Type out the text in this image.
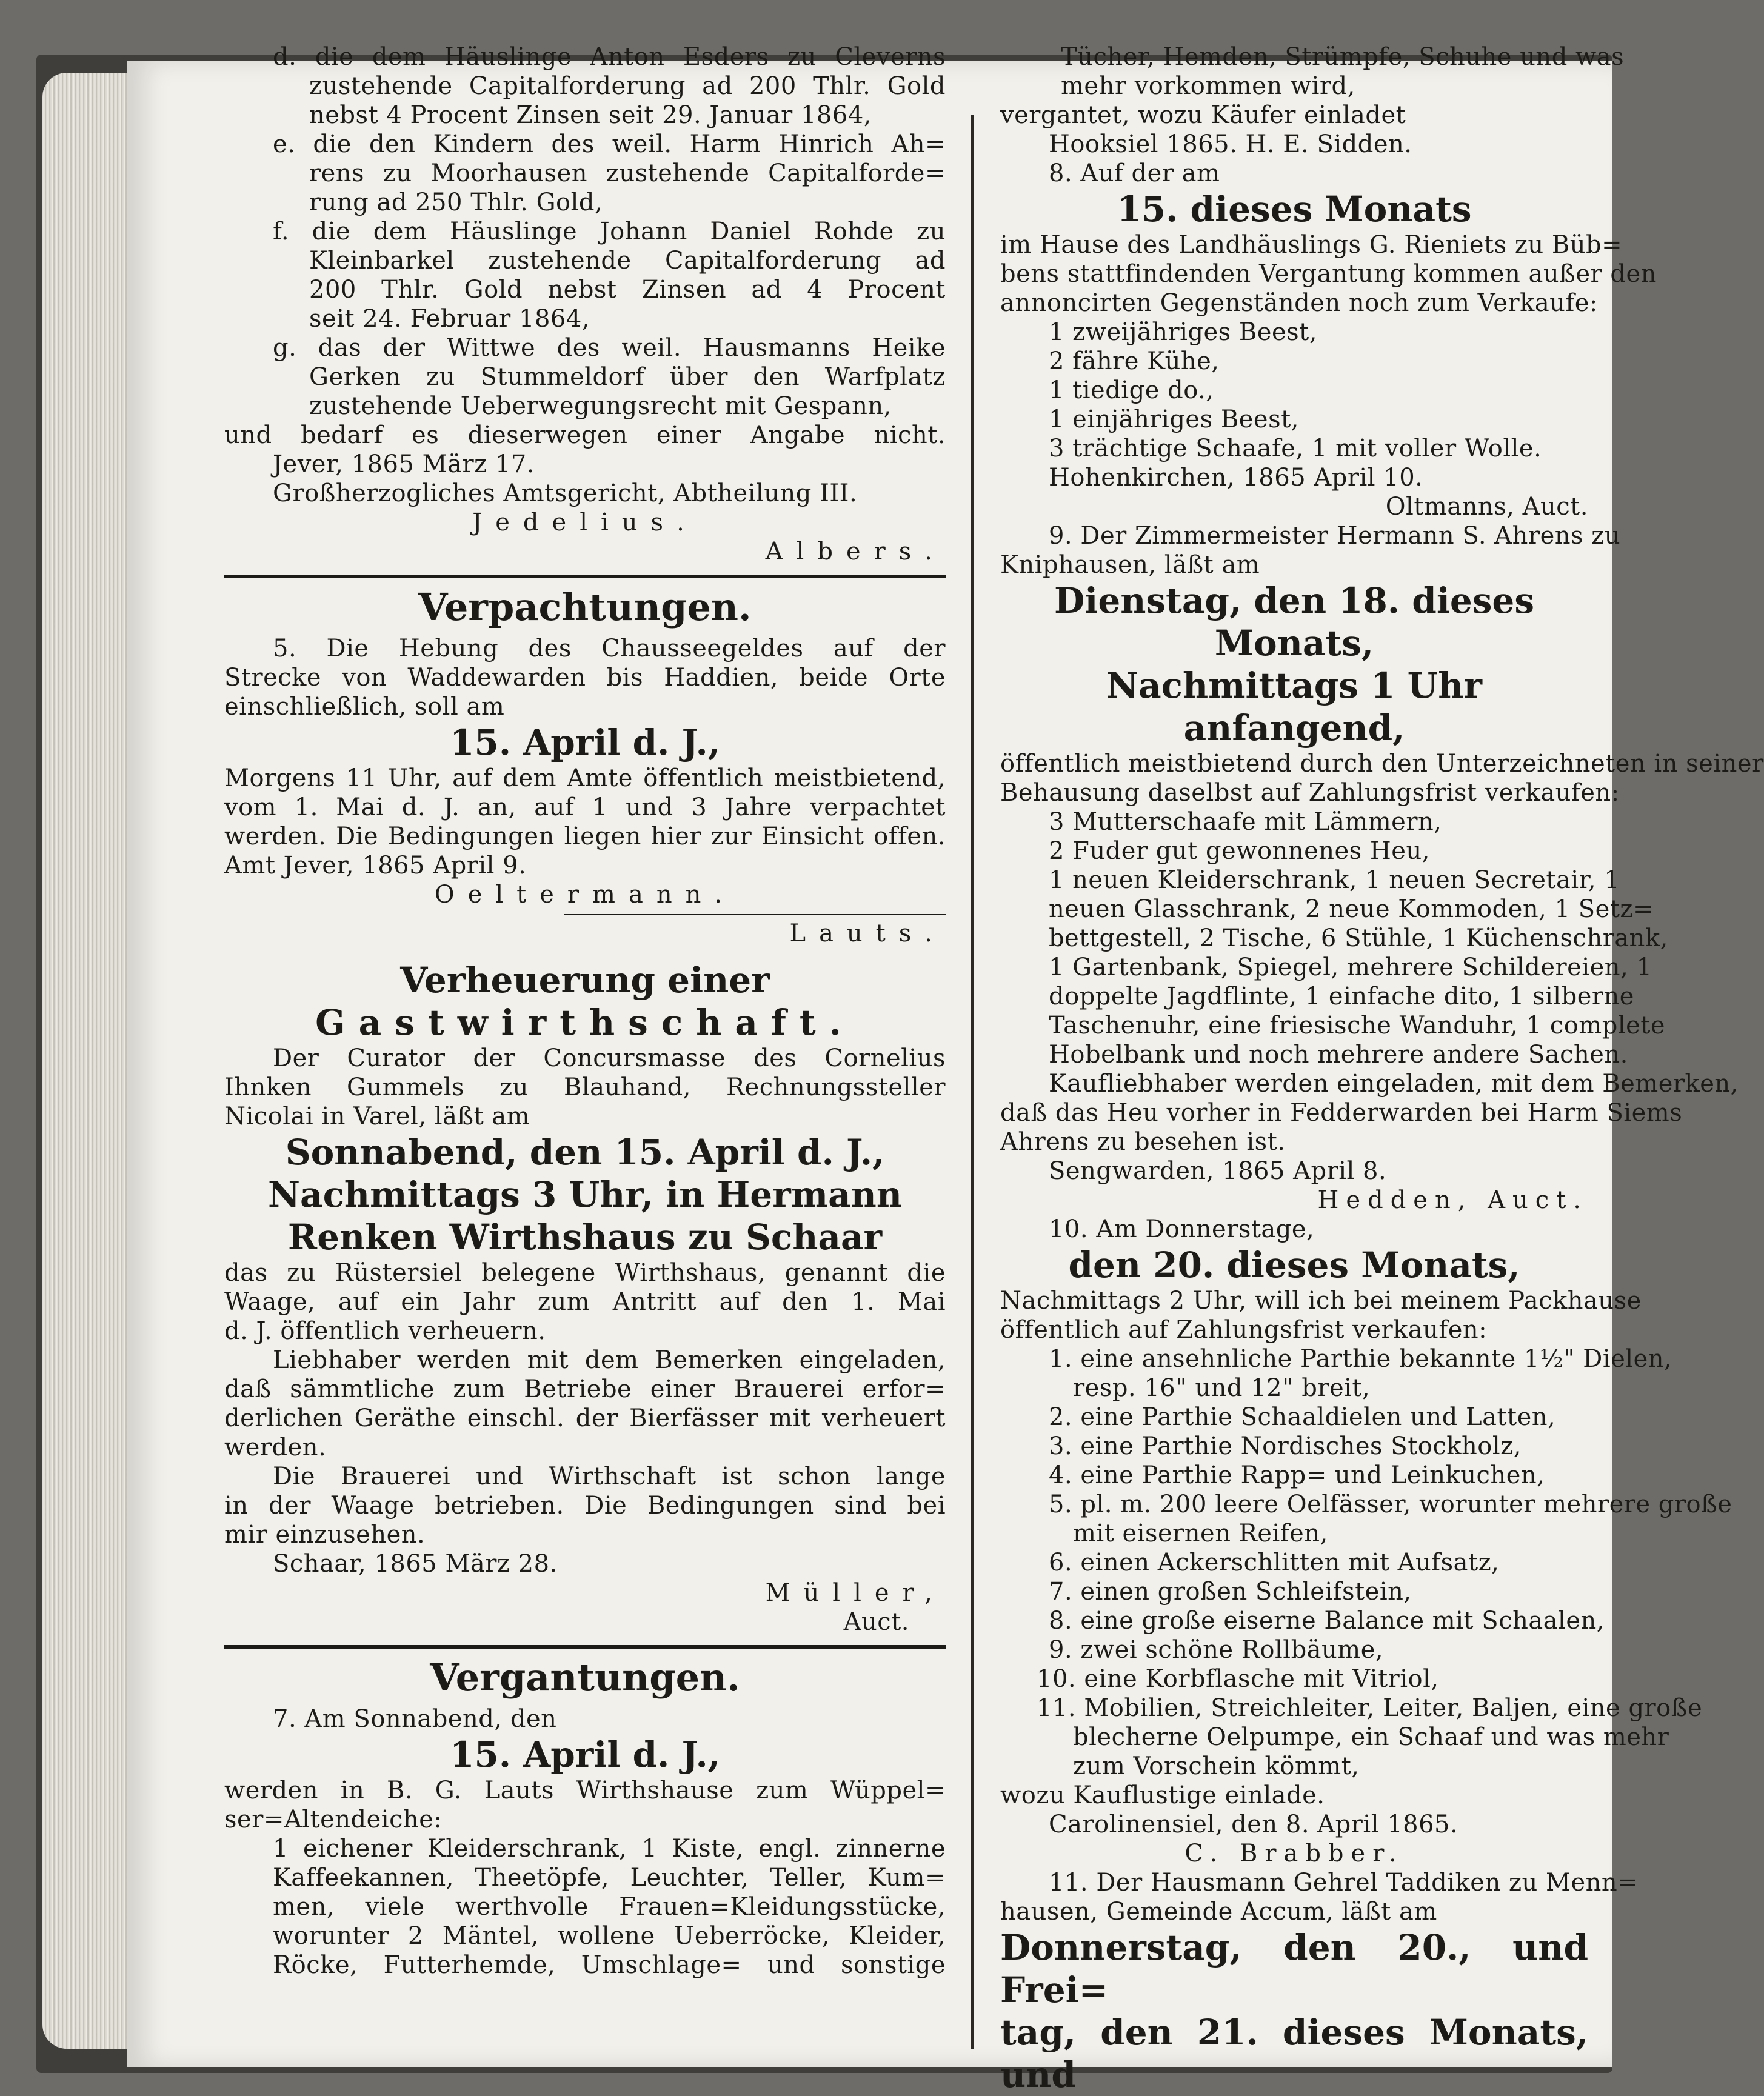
d. die dem Häuslinge Anton Esders zu Cleverns
zustehende Capitalforderung ad 200 Thlr. Gold
nebst 4 Procent Zinsen seit 29. Januar 1864,
e. die den Kindern des weil. Harm Hinrich Ah=
rens zu Moorhausen zustehende Capitalforde=
rung ad 250 Thlr. Gold,
f. die dem Häuslinge Johann Daniel Rohde zu
Kleinbarkel zustehende Capitalforderung ad
200 Thlr. Gold nebst Zinsen ad 4 Procent
seit 24. Februar 1864,
g. das der Wittwe des weil. Hausmanns Heike
Gerken zu Stummeldorf über den Warfplatz
zustehende Ueberwegungsrecht mit Gespann,
und bedarf es dieserwegen einer Angabe nicht.
Jever, 1865 März 17.
Großherzogliches Amtsgericht, Abtheilung III.
Jedelius.
Albers.
Verpachtungen.
5. Die Hebung des Chausseegeldes auf der
Strecke von Waddewarden bis Haddien, beide Orte
einschließlich, soll am
15. April d. J.,
Morgens 11 Uhr, auf dem Amte öffentlich meistbietend,
vom 1. Mai d. J. an, auf 1 und 3 Jahre verpachtet
werden. Die Bedingungen liegen hier zur Einsicht offen.
Amt Jever, 1865 April 9.
Oeltermann.
Lauts.
Verheuerung einer
Gastwirthschaft.
Der Curator der Concursmasse des Cornelius
Ihnken Gummels zu Blauhand, Rechnungssteller
Nicolai in Varel, läßt am
Sonnabend, den 15. April d. J.,
Nachmittags 3 Uhr, in Hermann
Renken Wirthshaus zu Schaar
das zu Rüstersiel belegene Wirthshaus, genannt die
Waage, auf ein Jahr zum Antritt auf den 1. Mai
d. J. öffentlich verheuern.
Liebhaber werden mit dem Bemerken eingeladen,
daß sämmtliche zum Betriebe einer Brauerei erfor=
derlichen Geräthe einschl. der Bierfässer mit verheuert
werden.
Die Brauerei und Wirthschaft ist schon lange
in der Waage betrieben. Die Bedingungen sind bei
mir einzusehen.
Schaar, 1865 März 28.
Müller,
Auct.
Vergantungen.
7. Am Sonnabend, den
15. April d. J.,
werden in B. G. Lauts Wirthshause zum Wüppel=
ser=Altendeiche:
1 eichener Kleiderschrank, 1 Kiste, engl. zinnerne
Kaffeekannen, Theetöpfe, Leuchter, Teller, Kum=
men, viele werthvolle Frauen=Kleidungsstücke,
worunter 2 Mäntel, wollene Ueberröcke, Kleider,
Röcke, Futterhemde, Umschlage= und sonstige
Tücher, Hemden, Strümpfe, Schuhe und was
mehr vorkommen wird,
vergantet, wozu Käufer einladet
Hooksiel 1865. H. E. Sidden.
8. Auf der am
15. dieses Monats
im Hause des Landhäuslings G. Rieniets zu Büb=
bens stattfindenden Vergantung kommen außer den
annoncirten Gegenständen noch zum Verkaufe:
1 zweijähriges Beest,
2 fähre Kühe,
1 tiedige do.,
1 einjähriges Beest,
3 trächtige Schaafe, 1 mit voller Wolle.
Hohenkirchen, 1865 April 10.
Oltmanns, Auct.
9. Der Zimmermeister Hermann S. Ahrens zu
Kniphausen, läßt am
Dienstag, den 18. dieses Monats,
Nachmittags 1 Uhr anfangend,
öffentlich meistbietend durch den Unterzeichneten in seiner
Behausung daselbst auf Zahlungsfrist verkaufen:
3 Mutterschaafe mit Lämmern,
2 Fuder gut gewonnenes Heu,
1 neuen Kleiderschrank, 1 neuen Secretair, 1
neuen Glasschrank, 2 neue Kommoden, 1 Setz=
bettgestell, 2 Tische, 6 Stühle, 1 Küchenschrank,
1 Gartenbank, Spiegel, mehrere Schildereien, 1
doppelte Jagdflinte, 1 einfache dito, 1 silberne
Taschenuhr, eine friesische Wanduhr, 1 complete
Hobelbank und noch mehrere andere Sachen.
Kaufliebhaber werden eingeladen, mit dem Bemerken,
daß das Heu vorher in Fedderwarden bei Harm Siems
Ahrens zu besehen ist.
Sengwarden, 1865 April 8.
Hedden, Auct.
10. Am Donnerstage,
den 20. dieses Monats,
Nachmittags 2 Uhr, will ich bei meinem Packhause
öffentlich auf Zahlungsfrist verkaufen:
1. eine ansehnliche Parthie bekannte 1½" Dielen,
resp. 16" und 12" breit,
2. eine Parthie Schaaldielen und Latten,
3. eine Parthie Nordisches Stockholz,
4. eine Parthie Rapp= und Leinkuchen,
5. pl. m. 200 leere Oelfässer, worunter mehrere große
mit eisernen Reifen,
6. einen Ackerschlitten mit Aufsatz,
7. einen großen Schleifstein,
8. eine große eiserne Balance mit Schaalen,
9. zwei schöne Rollbäume,
10. eine Korbflasche mit Vitriol,
11. Mobilien, Streichleiter, Leiter, Baljen, eine große
blecherne Oelpumpe, ein Schaaf und was mehr
zum Vorschein kömmt,
wozu Kauflustige einlade.
Carolinensiel, den 8. April 1865.
C. Brabber.
11. Der Hausmann Gehrel Taddiken zu Menn=
hausen, Gemeinde Accum, läßt am
Donnerstag, den 20., und Frei=
tag, den 21. dieses Monats, und
